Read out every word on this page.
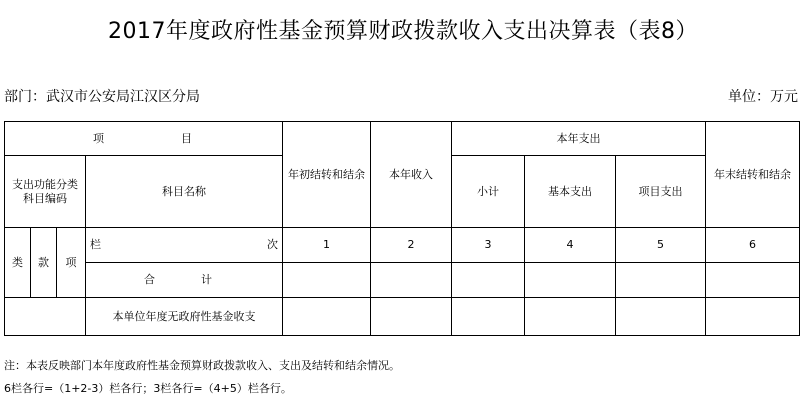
2017年度政府性基金预算财政拨款收入支出决算表（表8）
部门：武汉市公安局江汉区分局	单位：万元
项 目				年初结转和结余	本年收入	本年支出			年末结转和结余
支出功能分类科目编码			科目名称			小计	基本支出	项目支出	

类	款	项	栏 次	1	2	3	4	5	6

			合 计						

			本单位年度无政府性基金收支						
注：本表反映部门本年度政府性基金预算财政拨款收入、支出及结转和结余情况。
6栏各行=（1+2-3）栏各行；3栏各行=（4+5）栏各行。
